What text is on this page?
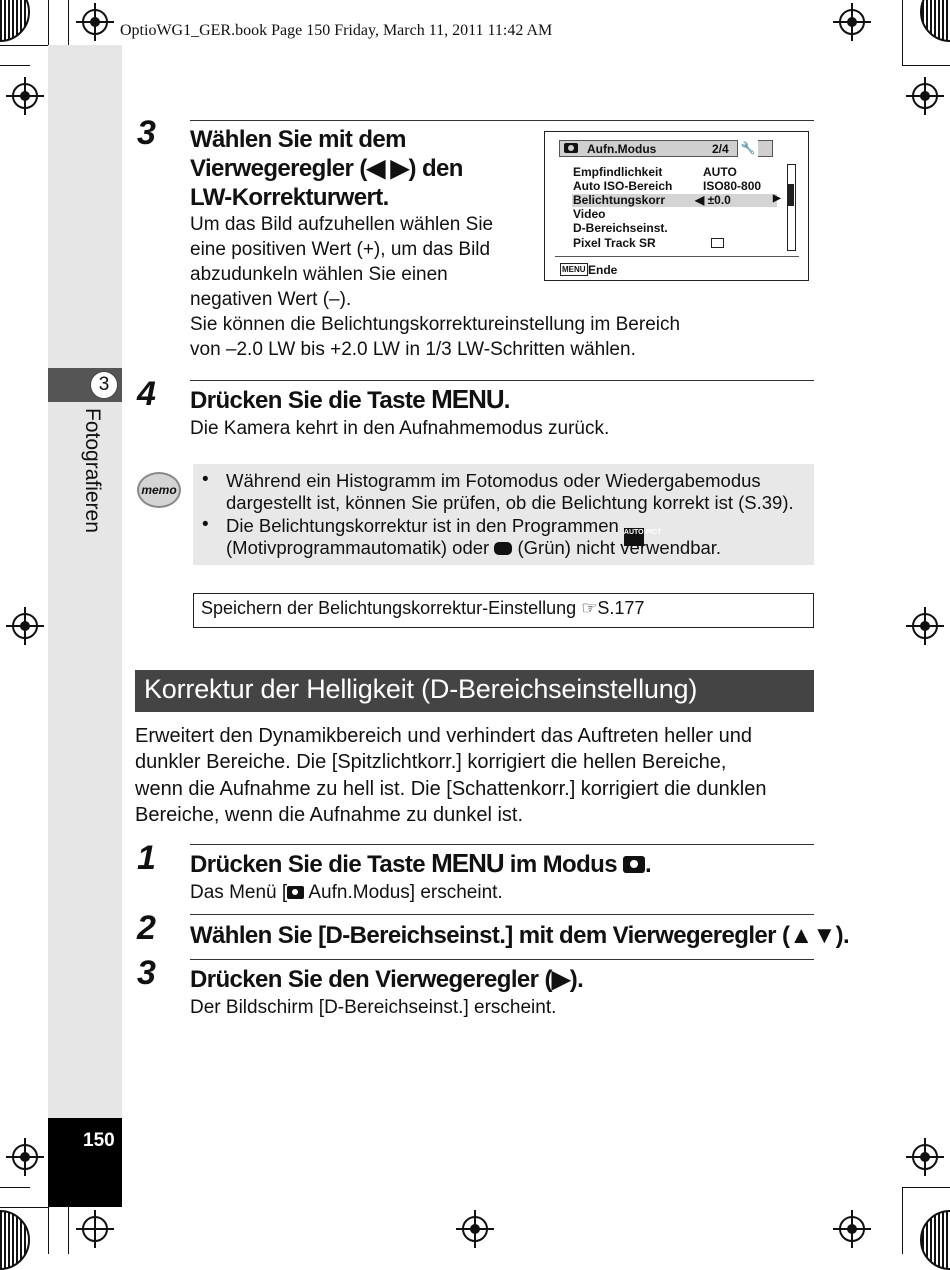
OptioWG1_GER.book Page 150 Friday, March 11, 2011 11:42 AM
3
Fotografieren
150
3 Wählen Sie mit dem
Vierwegeregler (◀ ▶) den
LW-Korrekturwert.
Um das Bild aufzuhellen wählen Sie
eine positiven Wert (+), um das Bild
abzudunkeln wählen Sie einen
negativen Wert (–).
Sie können die Belichtungskorrektureinstellung im Bereich
von –2.0 LW bis +2.0 LW in 1/3 LW-Schritten wählen.
Aufn.Modus	2/4 🔧
Empfindlichkeit	AUTO
Auto ISO-Bereich	ISO80-800
Belichtungskorr ◀ ±0.0	▶
Video
D-Bereichseinst.
Pixel Track SR
MENU Ende
4 Drücken Sie die Taste MENU.
Die Kamera kehrt in den Aufnahmemodus zurück.
memo • Während ein Histogramm im Fotomodus oder Wiedergabemodus
dargestellt ist, können Sie prüfen, ob die Belichtung korrekt ist (S.39).
• Die Belichtungskorrektur ist in den Programmen AUTO PICT
(Motivprogrammautomatik) oder  (Grün) nicht verwendbar.
Speichern der Belichtungskorrektur-Einstellung ☞S.177
Korrektur der Helligkeit (D-Bereichseinstellung)
Erweitert den Dynamikbereich und verhindert das Auftreten heller und
dunkler Bereiche. Die [Spitzlichtkorr.] korrigiert die hellen Bereiche,
wenn die Aufnahme zu hell ist. Die [Schattenkorr.] korrigiert die dunklen
Bereiche, wenn die Aufnahme zu dunkel ist.
1 Drücken Sie die Taste MENU im Modus .
Das Menü [ Aufn.Modus] erscheint.
2 Wählen Sie [D-Bereichseinst.] mit dem Vierwegeregler (▲▼).
3 Drücken Sie den Vierwegeregler (▶).
Der Bildschirm [D-Bereichseinst.] erscheint.
